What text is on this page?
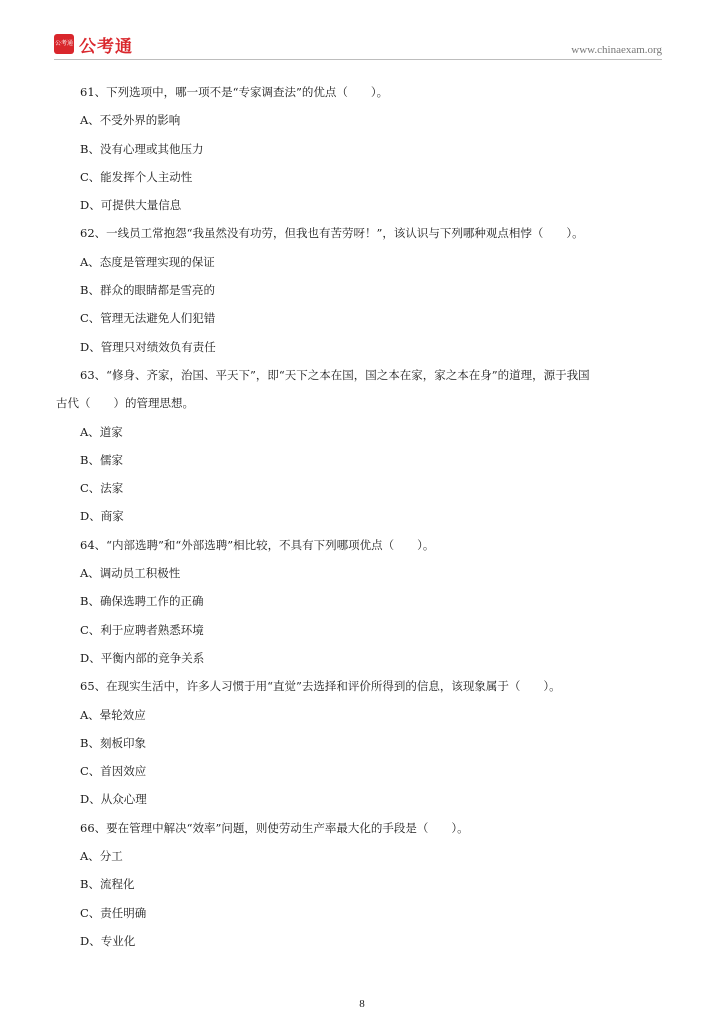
公考通 公考通	www.chinaexam.org
61、下列选项中，哪一项不是“专家调查法”的优点（　　）。
A、不受外界的影响
B、没有心理或其他压力
C、能发挥个人主动性
D、可提供大量信息
62、一线员工常抱怨“我虽然没有功劳，但我也有苦劳呀！”，该认识与下列哪种观点相悖（　　）。
A、态度是管理实现的保证
B、群众的眼睛都是雪亮的
C、管理无法避免人们犯错
D、管理只对绩效负有责任
63、“修身、齐家，治国、平天下”，即“天下之本在国，国之本在家，家之本在身”的道理，源于我国
古代（　　）的管理思想。
A、道家
B、儒家
C、法家
D、商家
64、“内部选聘”和“外部选聘”相比较，不具有下列哪项优点（　　）。
A、调动员工积极性
B、确保选聘工作的正确
C、利于应聘者熟悉环境
D、平衡内部的竞争关系
65、在现实生活中，许多人习惯于用“直觉”去选择和评价所得到的信息，该现象属于（　　）。
A、晕轮效应
B、刻板印象
C、首因效应
D、从众心理
66、要在管理中解决“效率”问题，则使劳动生产率最大化的手段是（　　）。
A、分工
B、流程化
C、责任明确
D、专业化
8
